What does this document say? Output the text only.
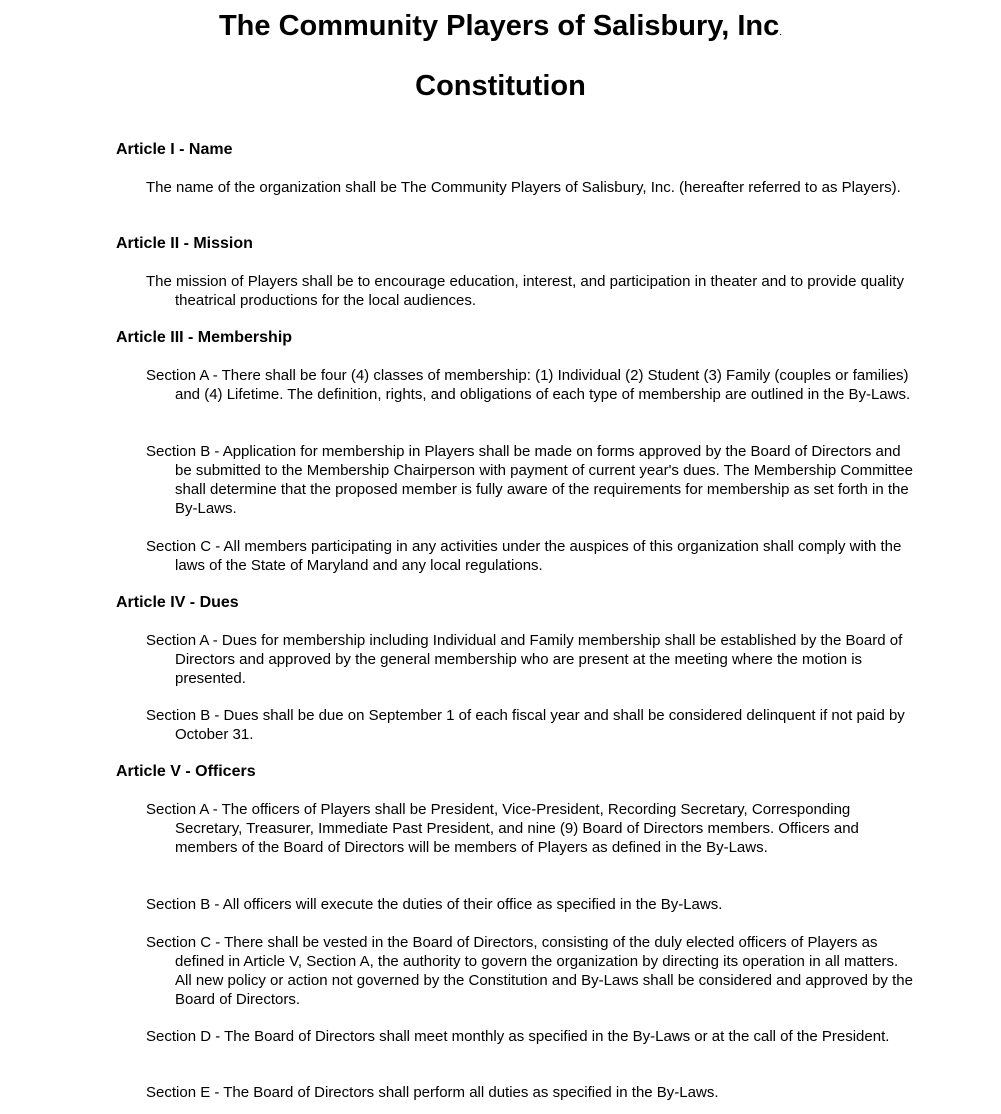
The Community Players of Salisbury, Inc.
Constitution
Article I - Name

The name of the organization shall be The Community Players of Salisbury, Inc. (hereafter referred to as Players).

Article II - Mission

The mission of Players shall be to encourage education, interest, and participation in theater and to provide quality theatrical productions for the local audiences.

Article III - Membership

Section A - There shall be four (4) classes of membership: (1) Individual (2) Student (3) Family (couples or families) and (4) Lifetime. The definition, rights, and obligations of each type of membership are outlined in the By-Laws.

Section B - Application for membership in Players shall be made on forms approved by the Board of Directors and be submitted to the Membership Chairperson with payment of current year's dues. The Membership Committee shall determine that the proposed member is fully aware of the requirements for membership as set forth in the By-Laws.

Section C - All members participating in any activities under the auspices of this organization shall comply with the laws of the State of Maryland and any local regulations.

Article IV - Dues

Section A - Dues for membership including Individual and Family membership shall be established by the Board of Directors and approved by the general membership who are present at the meeting where the motion is presented.

Section B - Dues shall be due on September 1 of each fiscal year and shall be considered delinquent if not paid by October 31.

Article V - Officers

Section A - The officers of Players shall be President, Vice-President, Recording Secretary, Corresponding Secretary, Treasurer, Immediate Past President, and nine (9) Board of Directors members. Officers and members of the Board of Directors will be members of Players as defined in the By-Laws.

Section B - All officers will execute the duties of their office as specified in the By-Laws.

Section C - There shall be vested in the Board of Directors, consisting of the duly elected officers of Players as defined in Article V, Section A, the authority to govern the organization by directing its operation in all matters. All new policy or action not governed by the Constitution and By-Laws shall be considered and approved by the Board of Directors.

Section D - The Board of Directors shall meet monthly as specified in the By-Laws or at the call of the President.

Section E - The Board of Directors shall perform all duties as specified in the By-Laws.
